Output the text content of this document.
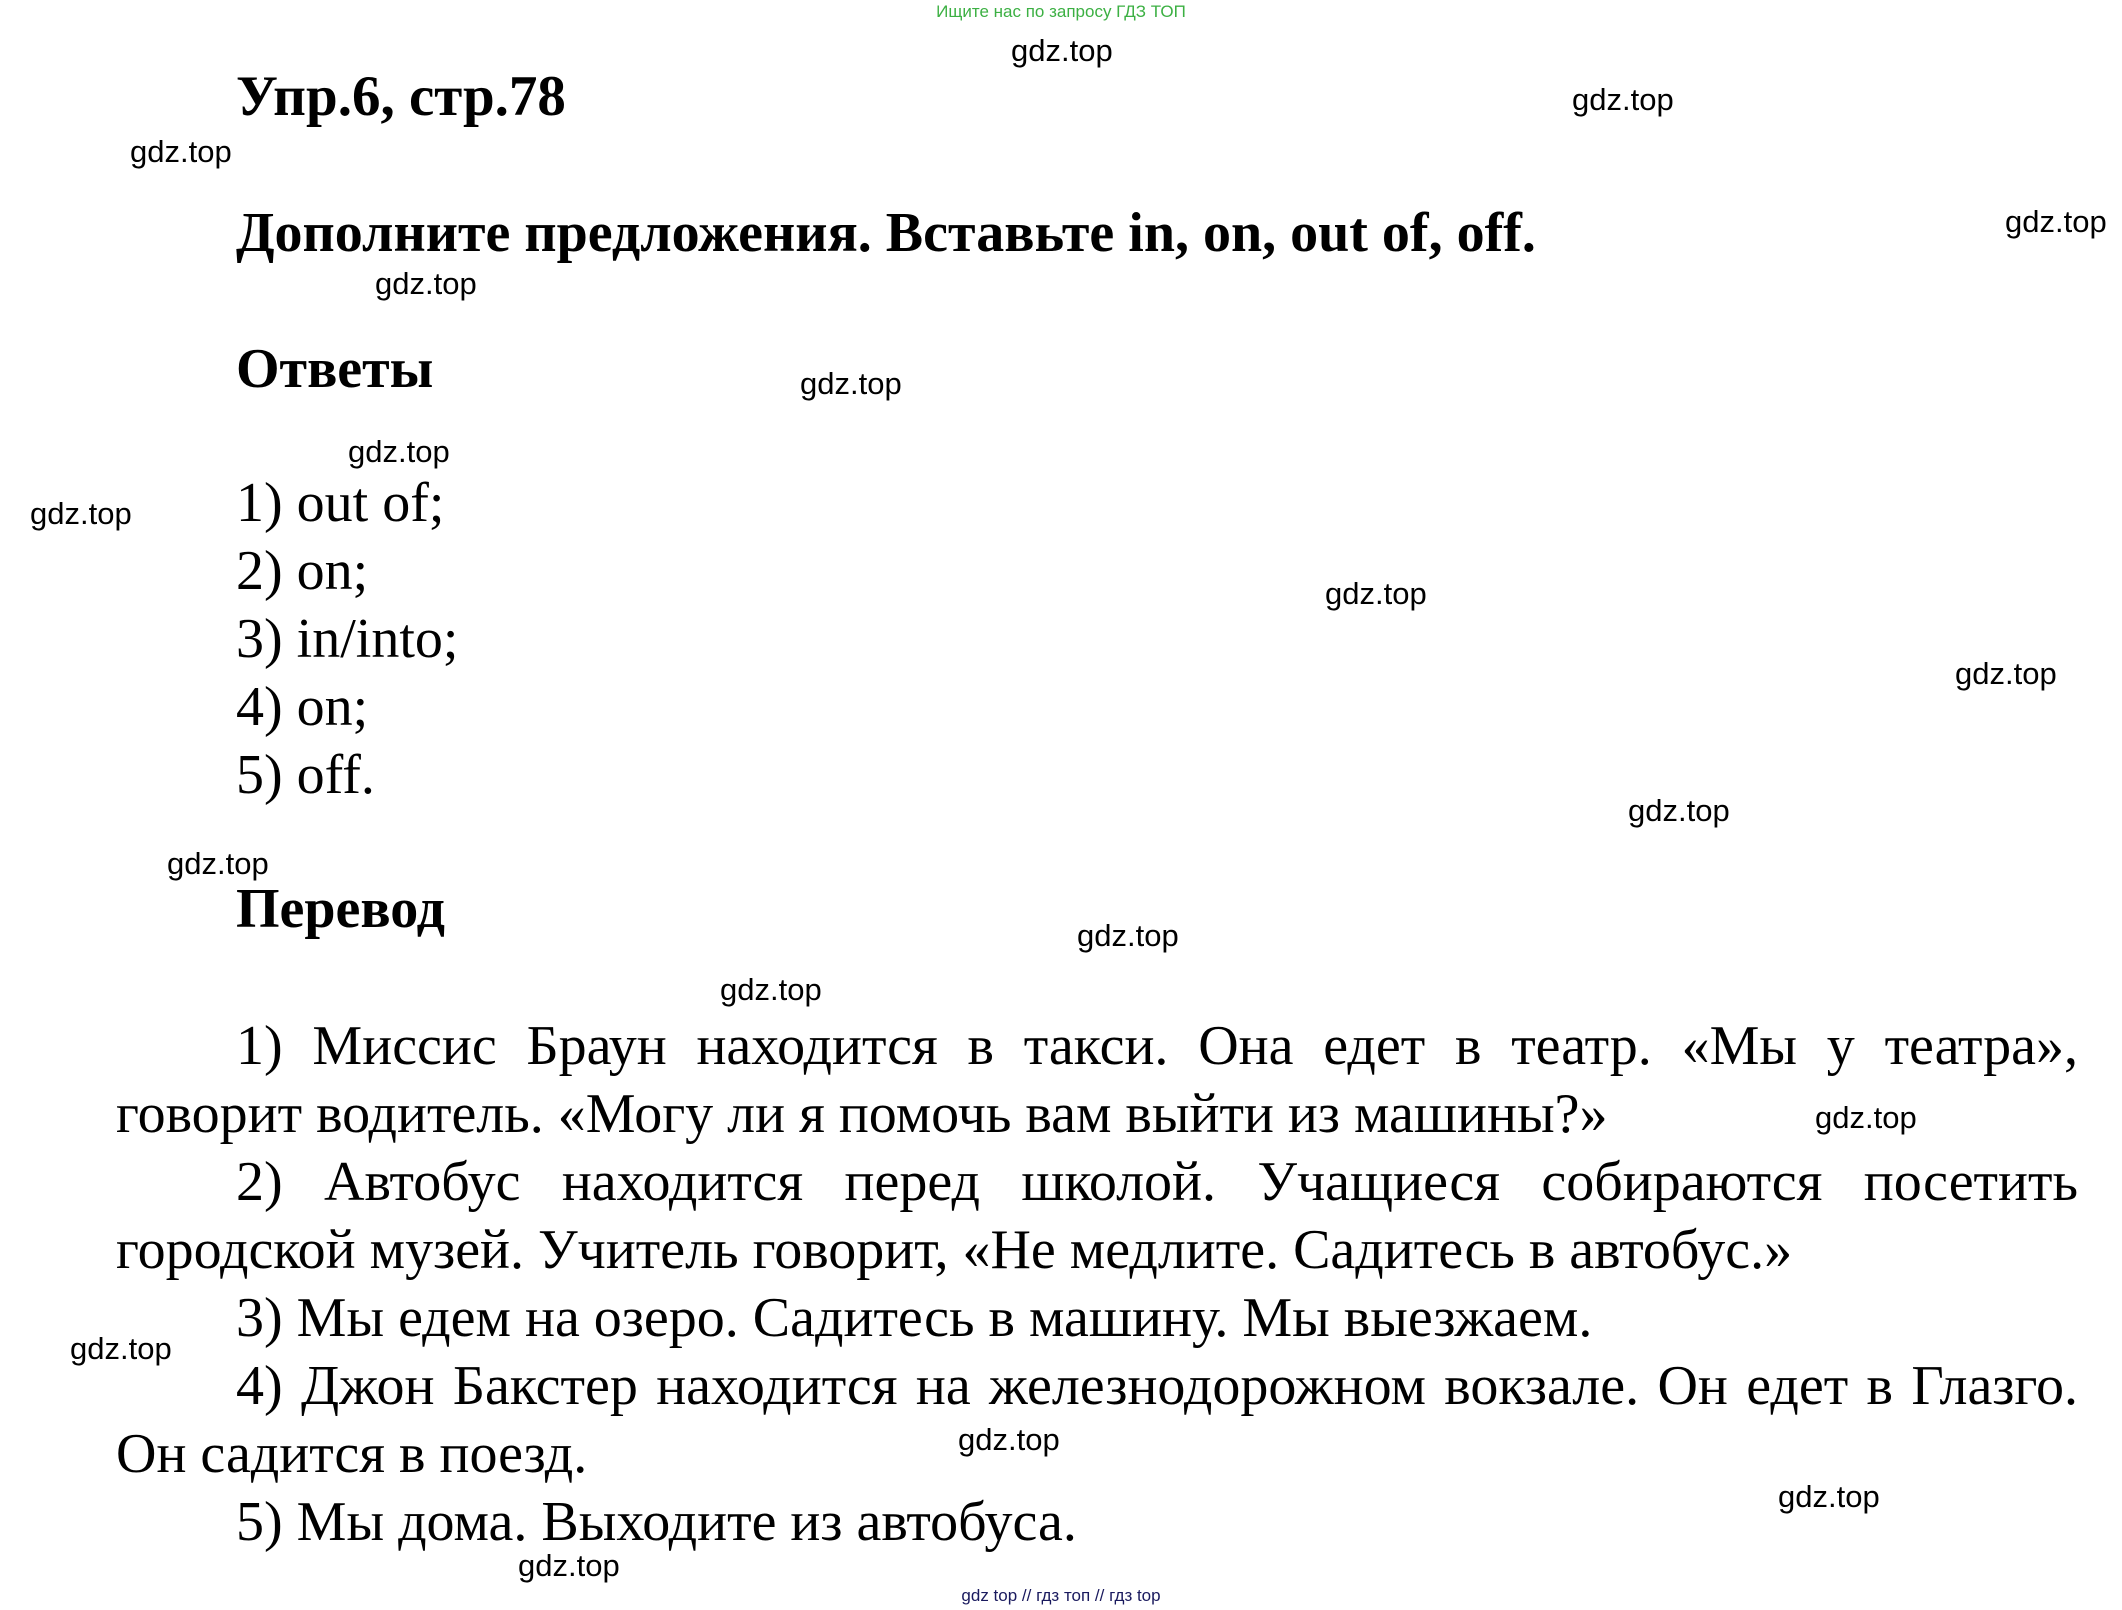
Ищите нас по запросу ГДЗ ТОП
Упр.6, стр.78
Дополните предложения. Вставьте in, on, out of, off.
Ответы
1) out of;
2) on;
3) in/into;
4) on;
5) off.
Перевод

1) Миссис Браун находится в такси. Она едет в театр. «Мы у театра», говорит водитель. «Могу ли я помочь вам выйти из машины?»

2) Автобус находится перед школой. Учащиеся собираются посетить городской музей. Учитель говорит, «Не медлите. Садитесь в автобус.»

3) Мы едем на озеро. Садитесь в машину. Мы выезжаем.

4) Джон Бакстер находится на железнодорожном вокзале. Он едет в Глазго. Он садится в поезд.

5) Мы дома. Выходите из автобуса.

gdz.top
gdz.top
gdz.top
gdz.top
gdz.top
gdz.top
gdz.top
gdz.top
gdz.top
gdz.top
gdz.top
gdz.top
gdz.top
gdz.top
gdz.top
gdz.top
gdz.top
gdz.top
gdz.top
gdz top // гдз топ // гдз top
